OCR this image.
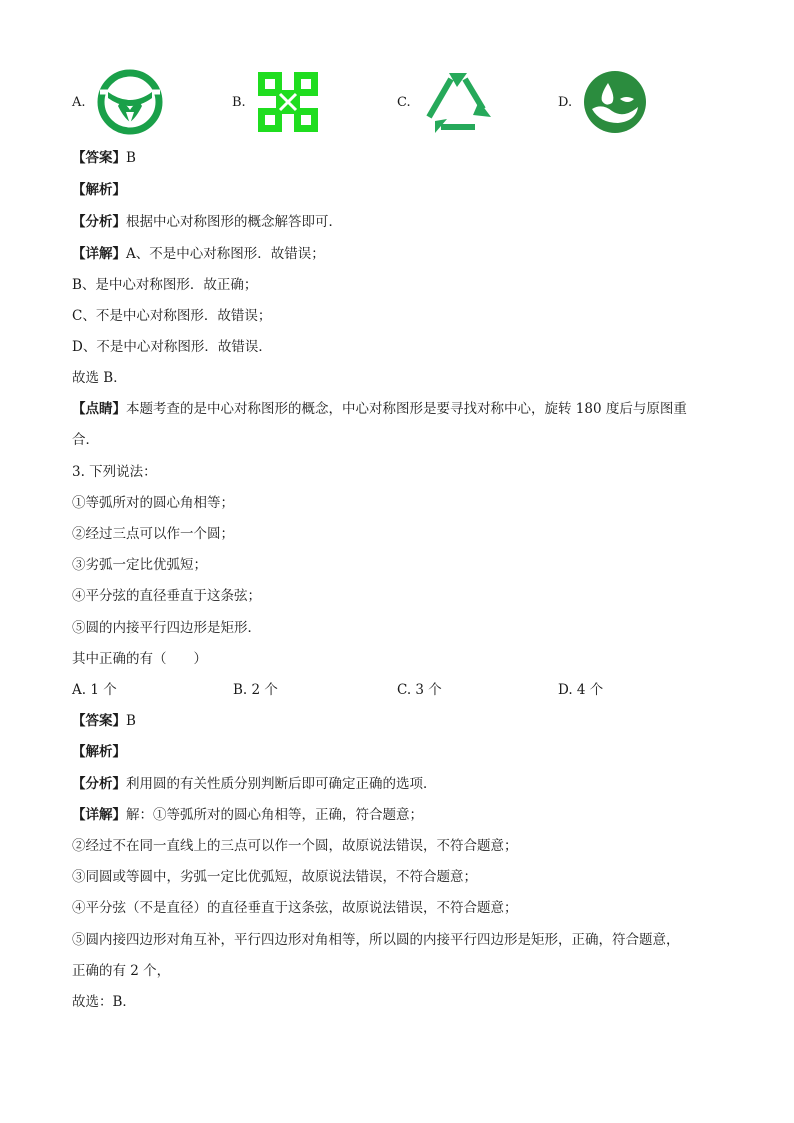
A.	B.	C.	D.
【答案】B
【解析】
【分析】根据中心对称图形的概念解答即可．
【详解】A、不是中心对称图形．故错误；
B、是中心对称图形．故正确；
C、不是中心对称图形．故错误；
D、不是中心对称图形．故错误．
故选 B．
【点睛】本题考查的是中心对称图形的概念，中心对称图形是要寻找对称中心，旋转 180 度后与原图重
合．
3. 下列说法：
①等弧所对的圆心角相等；
②经过三点可以作一个圆；
③劣弧一定比优弧短；
④平分弦的直径垂直于这条弦；
⑤圆的内接平行四边形是矩形．
其中正确的有（　　）
A. 1 个	B. 2 个	C. 3 个	D. 4 个
【答案】B
【解析】
【分析】利用圆的有关性质分别判断后即可确定正确的选项．
【详解】解：①等弧所对的圆心角相等，正确，符合题意；
②经过不在同一直线上的三点可以作一个圆，故原说法错误，不符合题意；
③同圆或等圆中，劣弧一定比优弧短，故原说法错误，不符合题意；
④平分弦（不是直径）的直径垂直于这条弦，故原说法错误，不符合题意；
⑤圆内接四边形对角互补，平行四边形对角相等，所以圆的内接平行四边形是矩形，正确，符合题意，
正确的有 2 个，
故选：B．
